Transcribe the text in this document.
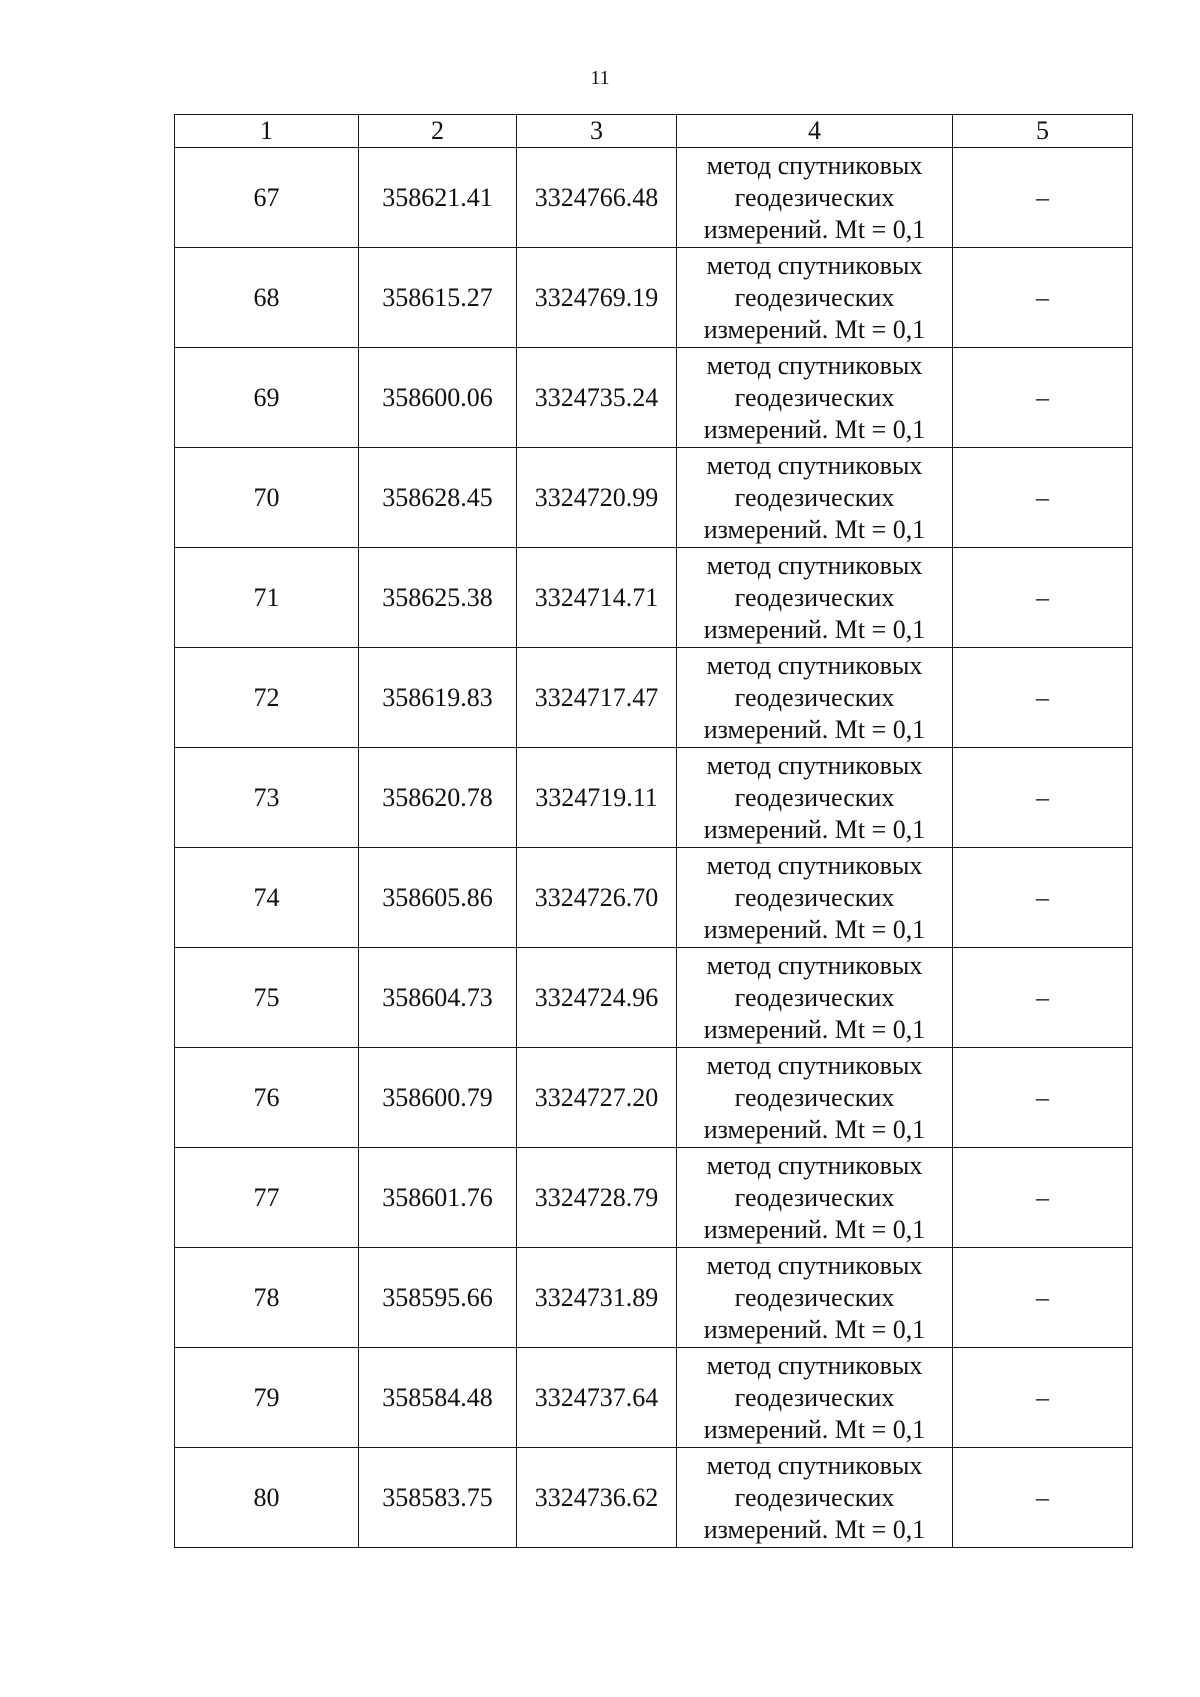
11
1	2	3	4	5
67	358621.41	3324766.48	метод спутниковых
геодезических
измерений. Mt = 0,1	–
68	358615.27	3324769.19	метод спутниковых
геодезических
измерений. Mt = 0,1	–
69	358600.06	3324735.24	метод спутниковых
геодезических
измерений. Mt = 0,1	–
70	358628.45	3324720.99	метод спутниковых
геодезических
измерений. Mt = 0,1	–
71	358625.38	3324714.71	метод спутниковых
геодезических
измерений. Mt = 0,1	–
72	358619.83	3324717.47	метод спутниковых
геодезических
измерений. Mt = 0,1	–
73	358620.78	3324719.11	метод спутниковых
геодезических
измерений. Mt = 0,1	–
74	358605.86	3324726.70	метод спутниковых
геодезических
измерений. Mt = 0,1	–
75	358604.73	3324724.96	метод спутниковых
геодезических
измерений. Mt = 0,1	–
76	358600.79	3324727.20	метод спутниковых
геодезических
измерений. Mt = 0,1	–
77	358601.76	3324728.79	метод спутниковых
геодезических
измерений. Mt = 0,1	–
78	358595.66	3324731.89	метод спутниковых
геодезических
измерений. Mt = 0,1	–
79	358584.48	3324737.64	метод спутниковых
геодезических
измерений. Mt = 0,1	–
80	358583.75	3324736.62	метод спутниковых
геодезических
измерений. Mt = 0,1	–
